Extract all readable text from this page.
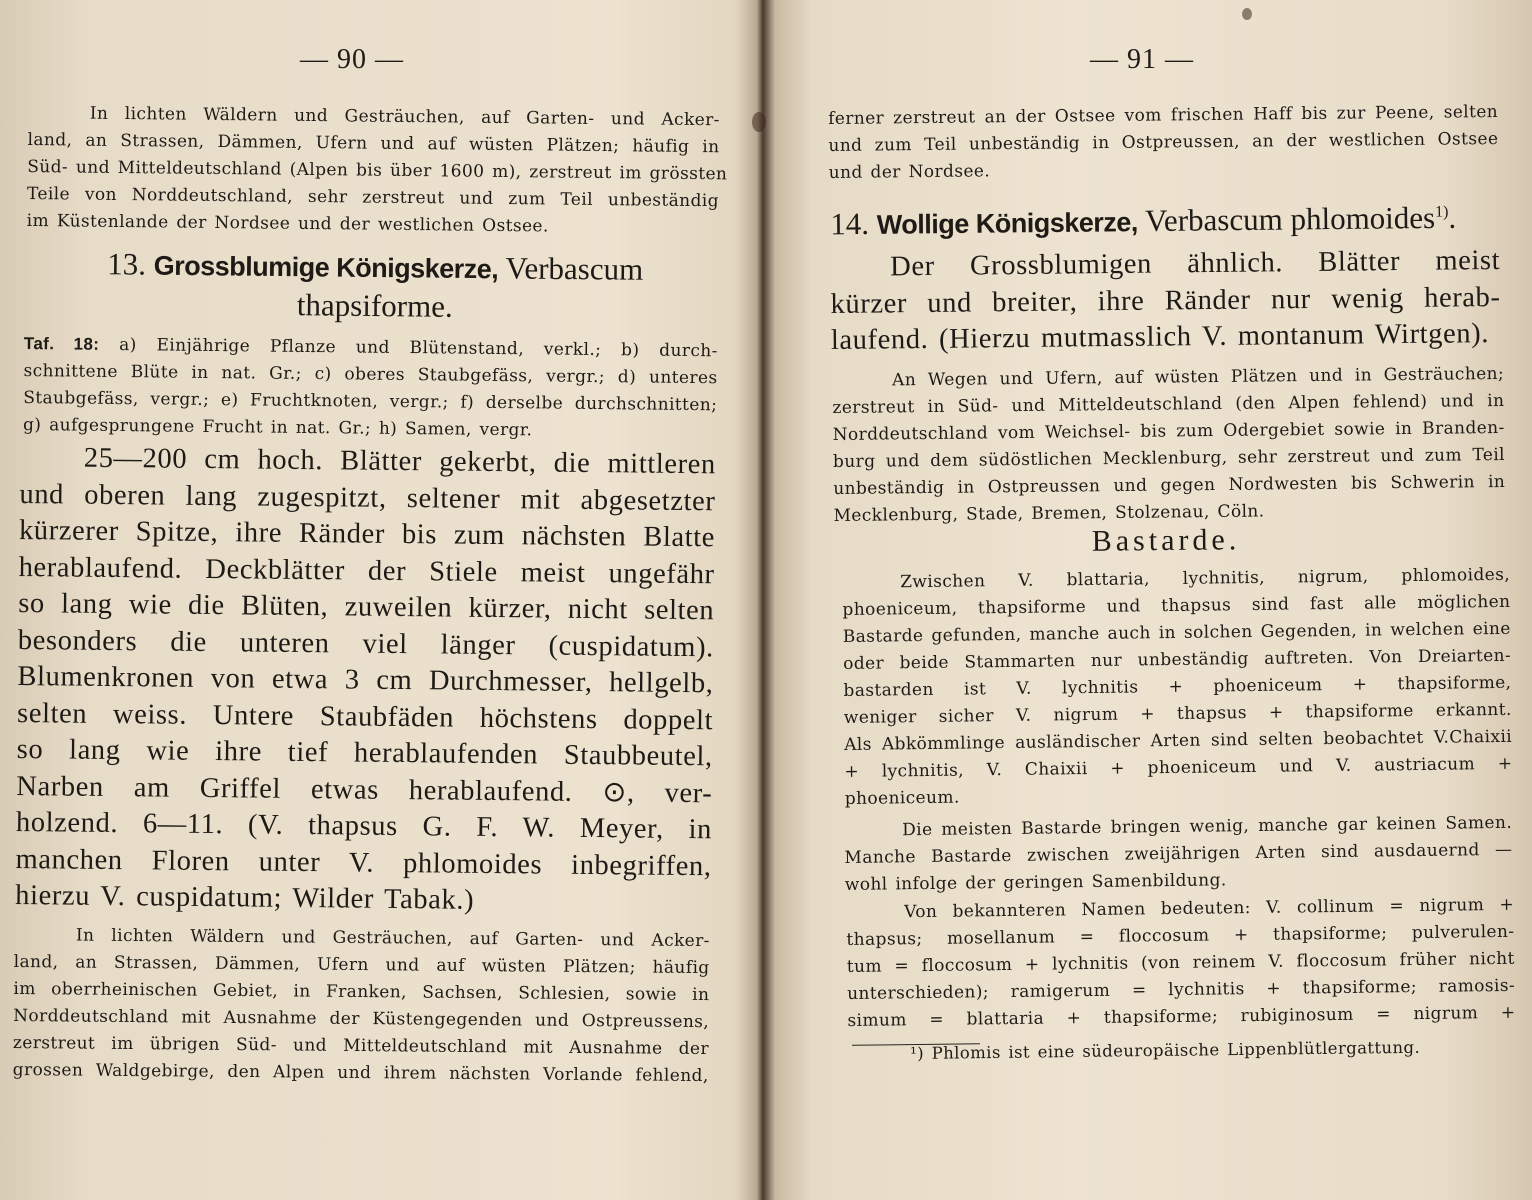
— 90 —
In lichten Wäldern und Gesträuchen, auf Garten- und Acker-
land, an Strassen, Dämmen, Ufern und auf wüsten Plätzen; häufig in
Süd- und Mitteldeutschland (Alpen bis über 1600 m), zerstreut im grössten
Teile von Norddeutschland, sehr zerstreut und zum Teil unbeständig
im Küstenlande der Nordsee und der westlichen Ostsee.
13. Grossblumige Königskerze, Verbascum
thapsiforme.
Taf. 18: a) Einjährige Pflanze und Blütenstand, verkl.; b) durch-
schnittene Blüte in nat. Gr.; c) oberes Staubgefäss, vergr.; d) unteres
Staubgefäss, vergr.; e) Fruchtknoten, vergr.; f) derselbe durchschnitten;
g) aufgesprungene Frucht in nat. Gr.; h) Samen, vergr.
25—200 cm hoch. Blätter gekerbt, die mittleren
und oberen lang zugespitzt, seltener mit abgesetzter
kürzerer Spitze, ihre Ränder bis zum nächsten Blatte
herablaufend. Deckblätter der Stiele meist ungefähr
so lang wie die Blüten, zuweilen kürzer, nicht selten
besonders die unteren viel länger (cuspidatum).
Blumenkronen von etwa 3 cm Durchmesser, hellgelb,
selten weiss. Untere Staubfäden höchstens doppelt
so lang wie ihre tief herablaufenden Staubbeutel,
Narben am Griffel etwas herablaufend. ⊙, ver-
holzend. 6—11. (V. thapsus G. F. W. Meyer, in
manchen Floren unter V. phlomoides inbegriffen,
hierzu V. cuspidatum; Wilder Tabak.)
In lichten Wäldern und Gesträuchen, auf Garten- und Acker-
land, an Strassen, Dämmen, Ufern und auf wüsten Plätzen; häufig
im oberrheinischen Gebiet, in Franken, Sachsen, Schlesien, sowie in
Norddeutschland mit Ausnahme der Küstengegenden und Ostpreussens,
zerstreut im übrigen Süd- und Mitteldeutschland mit Ausnahme der
grossen Waldgebirge, den Alpen und ihrem nächsten Vorlande fehlend,
— 91 —
ferner zerstreut an der Ostsee vom frischen Haff bis zur Peene, selten
und zum Teil unbeständig in Ostpreussen, an der westlichen Ostsee
und der Nordsee.
14. Wollige Königskerze, Verbascum phlomoides$^{1)}$.
Der Grossblumigen ähnlich. Blätter meist
kürzer und breiter, ihre Ränder nur wenig herab-
laufend. (Hierzu mutmasslich V. montanum Wirtgen).
An Wegen und Ufern, auf wüsten Plätzen und in Gesträuchen;
zerstreut in Süd- und Mitteldeutschland (den Alpen fehlend) und in
Norddeutschland vom Weichsel- bis zum Odergebiet sowie in Branden-
burg und dem südöstlichen Mecklenburg, sehr zerstreut und zum Teil
unbeständig in Ostpreussen und gegen Nordwesten bis Schwerin in
Mecklenburg, Stade, Bremen, Stolzenau, Cöln.
Bastarde.
Zwischen V. blattaria, lychnitis, nigrum, phlomoides,
phoeniceum, thapsiforme und thapsus sind fast alle möglichen
Bastarde gefunden, manche auch in solchen Gegenden, in welchen eine
oder beide Stammarten nur unbeständig auftreten. Von Dreiarten-
bastarden ist V. lychnitis + phoeniceum + thapsiforme,
weniger sicher V. nigrum + thapsus + thapsiforme erkannt.
Als Abkömmlinge ausländischer Arten sind selten beobachtet V.Chaixii
+ lychnitis, V. Chaixii + phoeniceum und V. austriacum +
phoeniceum.
Die meisten Bastarde bringen wenig, manche gar keinen Samen.
Manche Bastarde zwischen zweijährigen Arten sind ausdauernd —
wohl infolge der geringen Samenbildung.
Von bekannteren Namen bedeuten: V. collinum = nigrum +
thapsus; mosellanum = floccosum + thapsiforme; pulverulen-
tum = floccosum + lychnitis (von reinem V. floccosum früher nicht
unterschieden); ramigerum = lychnitis + thapsiforme; ramosis-
simum = blattaria + thapsiforme; rubiginosum = nigrum +
¹) Phlomis ist eine südeuropäische Lippenblütlergattung.
